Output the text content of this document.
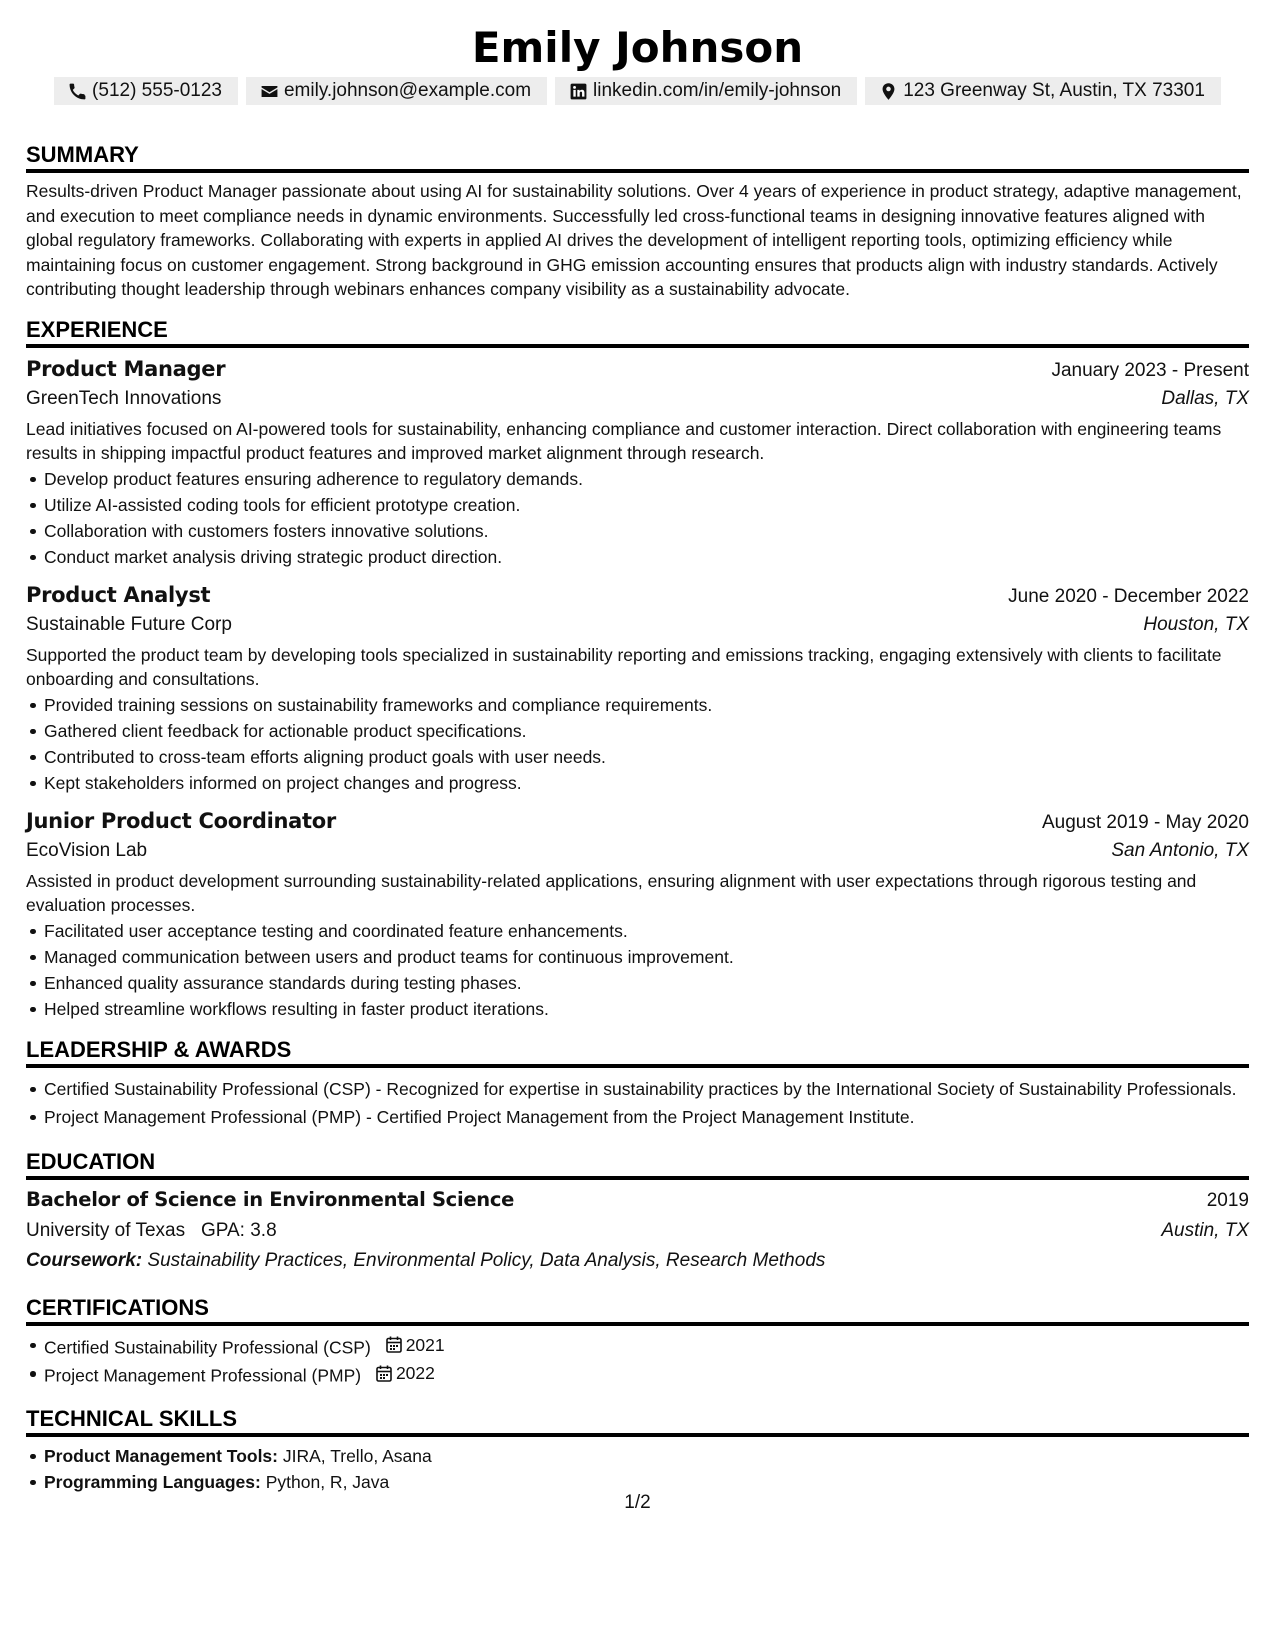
Emily Johnson
(512) 555-0123	emily.johnson@example.com	linkedin.com/in/emily-johnson	123 Greenway St, Austin, TX 73301
SUMMARY

Results-driven Product Manager passionate about using AI for sustainability solutions. Over 4 years of experience in product strategy, adaptive management, and execution to meet compliance needs in dynamic environments. Successfully led cross-functional teams in designing innovative features aligned with global regulatory frameworks. Collaborating with experts in applied AI drives the development of intelligent reporting tools, optimizing efficiency while maintaining focus on customer engagement. Strong background in GHG emission accounting ensures that products align with industry standards. Actively contributing thought leadership through webinars enhances company visibility as a sustainability advocate.

EXPERIENCE
Product Manager	January 2023 - Present
GreenTech Innovations	Dallas, TX

Lead initiatives focused on AI-powered tools for sustainability, enhancing compliance and customer interaction. Direct collaboration with engineering teams results in shipping impactful product features and improved market alignment through research.

Develop product features ensuring adherence to regulatory demands.
Utilize AI-assisted coding tools for efficient prototype creation.
Collaboration with customers fosters innovative solutions.
Conduct market analysis driving strategic product direction.
Product Analyst	June 2020 - December 2022
Sustainable Future Corp	Houston, TX

Supported the product team by developing tools specialized in sustainability reporting and emissions tracking, engaging extensively with clients to facilitate onboarding and consultations.

Provided training sessions on sustainability frameworks and compliance requirements.
Gathered client feedback for actionable product specifications.
Contributed to cross-team efforts aligning product goals with user needs.
Kept stakeholders informed on project changes and progress.
Junior Product Coordinator	August 2019 - May 2020
EcoVision Lab	San Antonio, TX

Assisted in product development surrounding sustainability-related applications, ensuring alignment with user expectations through rigorous testing and evaluation processes.

Facilitated user acceptance testing and coordinated feature enhancements.
Managed communication between users and product teams for continuous improvement.
Enhanced quality assurance standards during testing phases.
Helped streamline workflows resulting in faster product iterations.
LEADERSHIP & AWARDS
Certified Sustainability Professional (CSP) - Recognized for expertise in sustainability practices by the International Society of Sustainability Professionals.
Project Management Professional (PMP) - Certified Project Management from the Project Management Institute.
EDUCATION
Bachelor of Science in Environmental Science	2019
University of Texas GPA: 3.8	Austin, TX
Coursework: Sustainability Practices, Environmental Policy, Data Analysis, Research Methods
CERTIFICATIONS
Certified Sustainability Professional (CSP) 2021
Project Management Professional (PMP) 2022
TECHNICAL SKILLS
Product Management Tools: JIRA, Trello, Asana
Programming Languages: Python, R, Java
1/2
